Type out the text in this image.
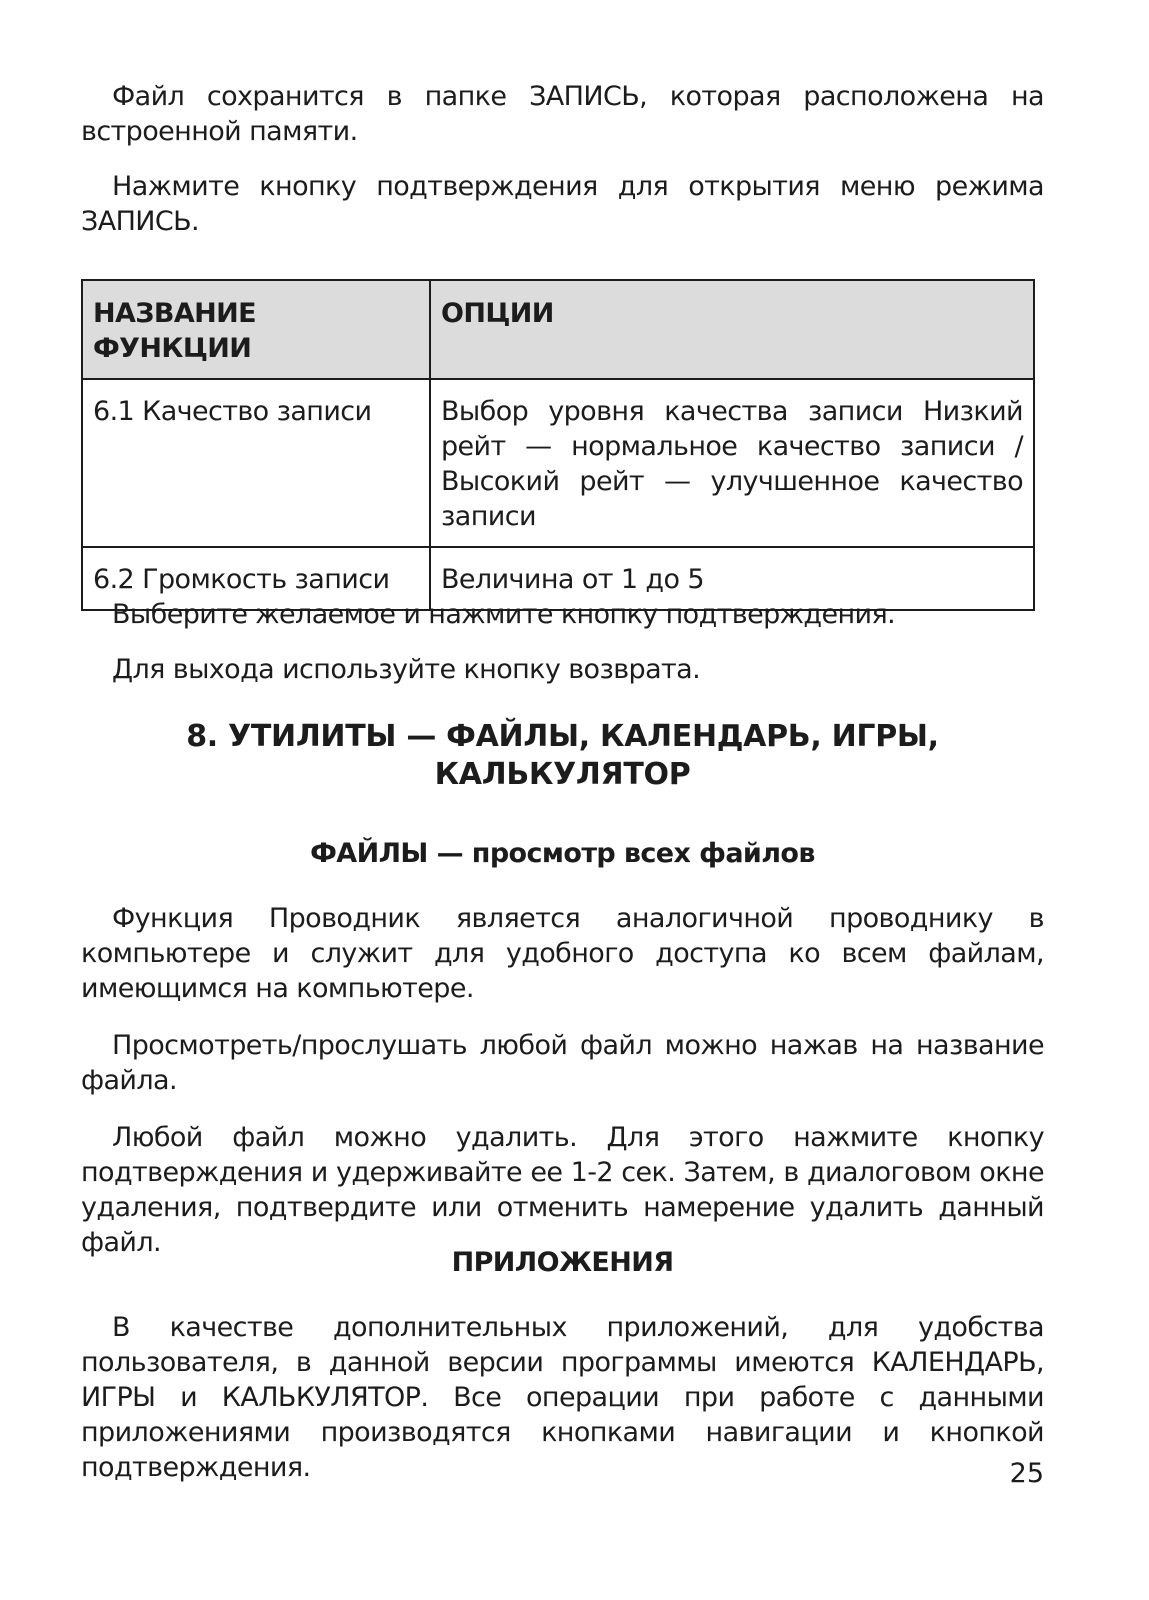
Файл сохранится в папке ЗАПИСЬ, которая расположена на встроенной памяти.

Нажмите кнопку подтверждения для открытия меню режима ЗАПИСЬ.

НАЗВАНИЕ ФУНКЦИИ	ОПЦИИ
6.1 Качество записи	Выбор уровня качества записи Низкий рейт — нормальное качество записи / Высокий рейт — улучшенное качество записи
6.2 Громкость записи	Величина от 1 до 5

Выберите желаемое и нажмите кнопку подтверждения.

Для выхода используйте кнопку возврата.

8. УТИЛИТЫ — ФАЙЛЫ, КАЛЕНДАРЬ, ИГРЫ, КАЛЬКУЛЯТОР
ФАЙЛЫ — просмотр всех файлов

Функция Проводник является аналогичной проводнику в компьютере и служит для удобного доступа ко всем файлам, имеющимся на компьютере.

Просмотреть/прослушать любой файл можно нажав на название файла.

Любой файл можно удалить. Для этого нажмите кнопку подтверждения и удерживайте ее 1-2 сек. Затем, в диалоговом окне удаления, подтвердите или отменить намерение удалить данный файл.

ПРИЛОЖЕНИЯ

В качестве дополнительных приложений, для удобства пользователя, в данной версии программы имеются КАЛЕНДАРЬ, ИГРЫ и КАЛЬКУЛЯТОР. Все операции при работе с данными приложениями производятся кнопками навигации и кнопкой подтверждения.	25
